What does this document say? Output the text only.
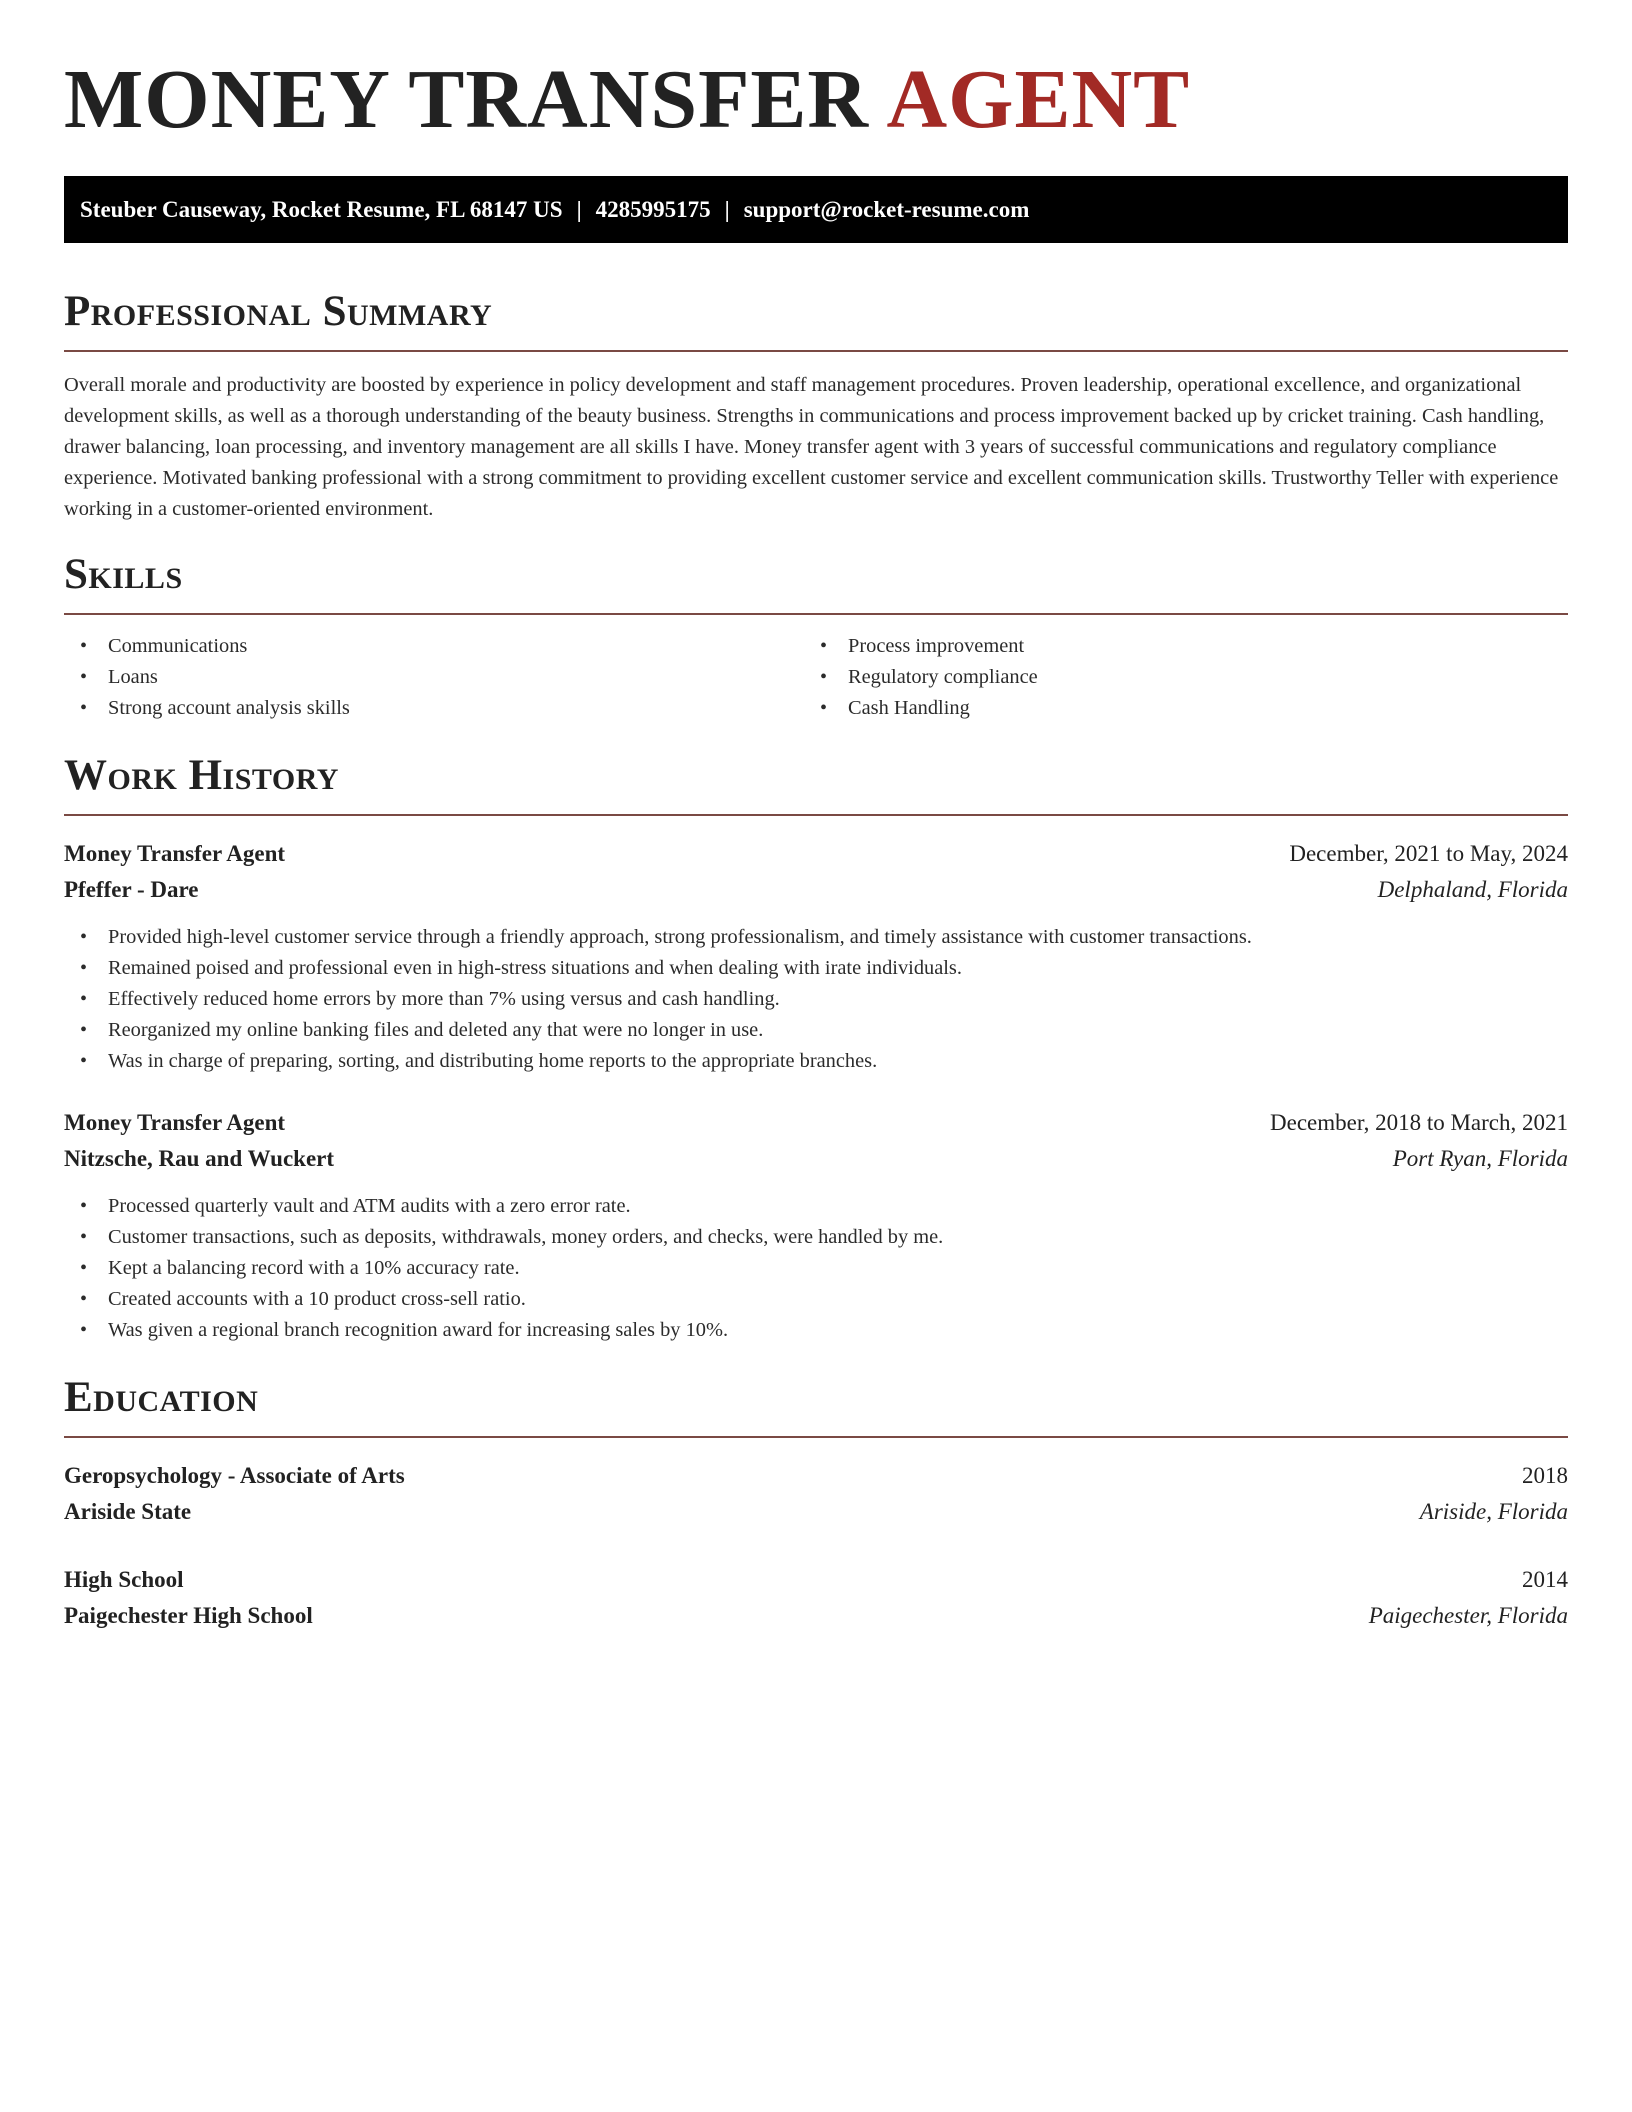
MONEY TRANSFER AGENT
Steuber Causeway, Rocket Resume, FL 68147 US | 4285995175 | support@rocket-resume.com
Professional Summary

Overall morale and productivity are boosted by experience in policy development and staff management procedures. Proven leadership, operational excellence, and organizational development skills, as well as a thorough understanding of the beauty business. Strengths in communications and process improvement backed up by cricket training. Cash handling, drawer balancing, loan processing, and inventory management are all skills I have. Money transfer agent with 3 years of successful communications and regulatory compliance experience. Motivated banking professional with a strong commitment to providing excellent customer service and excellent communication skills. Trustworthy Teller with experience working in a customer-oriented environment.

Skills
• Communications
• Loans
• Strong account analysis skills
• Process improvement
• Regulatory compliance
• Cash Handling
Work History
Money Transfer Agent	December, 2021 to May, 2024
Pfeffer - Dare	Delphaland, Florida
• Provided high-level customer service through a friendly approach, strong professionalism, and timely assistance with customer transactions.
• Remained poised and professional even in high-stress situations and when dealing with irate individuals.
• Effectively reduced home errors by more than 7% using versus and cash handling.
• Reorganized my online banking files and deleted any that were no longer in use.
• Was in charge of preparing, sorting, and distributing home reports to the appropriate branches.
Money Transfer Agent	December, 2018 to March, 2021
Nitzsche, Rau and Wuckert	Port Ryan, Florida
• Processed quarterly vault and ATM audits with a zero error rate.
• Customer transactions, such as deposits, withdrawals, money orders, and checks, were handled by me.
• Kept a balancing record with a 10% accuracy rate.
• Created accounts with a 10 product cross-sell ratio.
• Was given a regional branch recognition award for increasing sales by 10%.
Education
Geropsychology - Associate of Arts	2018
Ariside State	Ariside, Florida
High School	2014
Paigechester High School	Paigechester, Florida
